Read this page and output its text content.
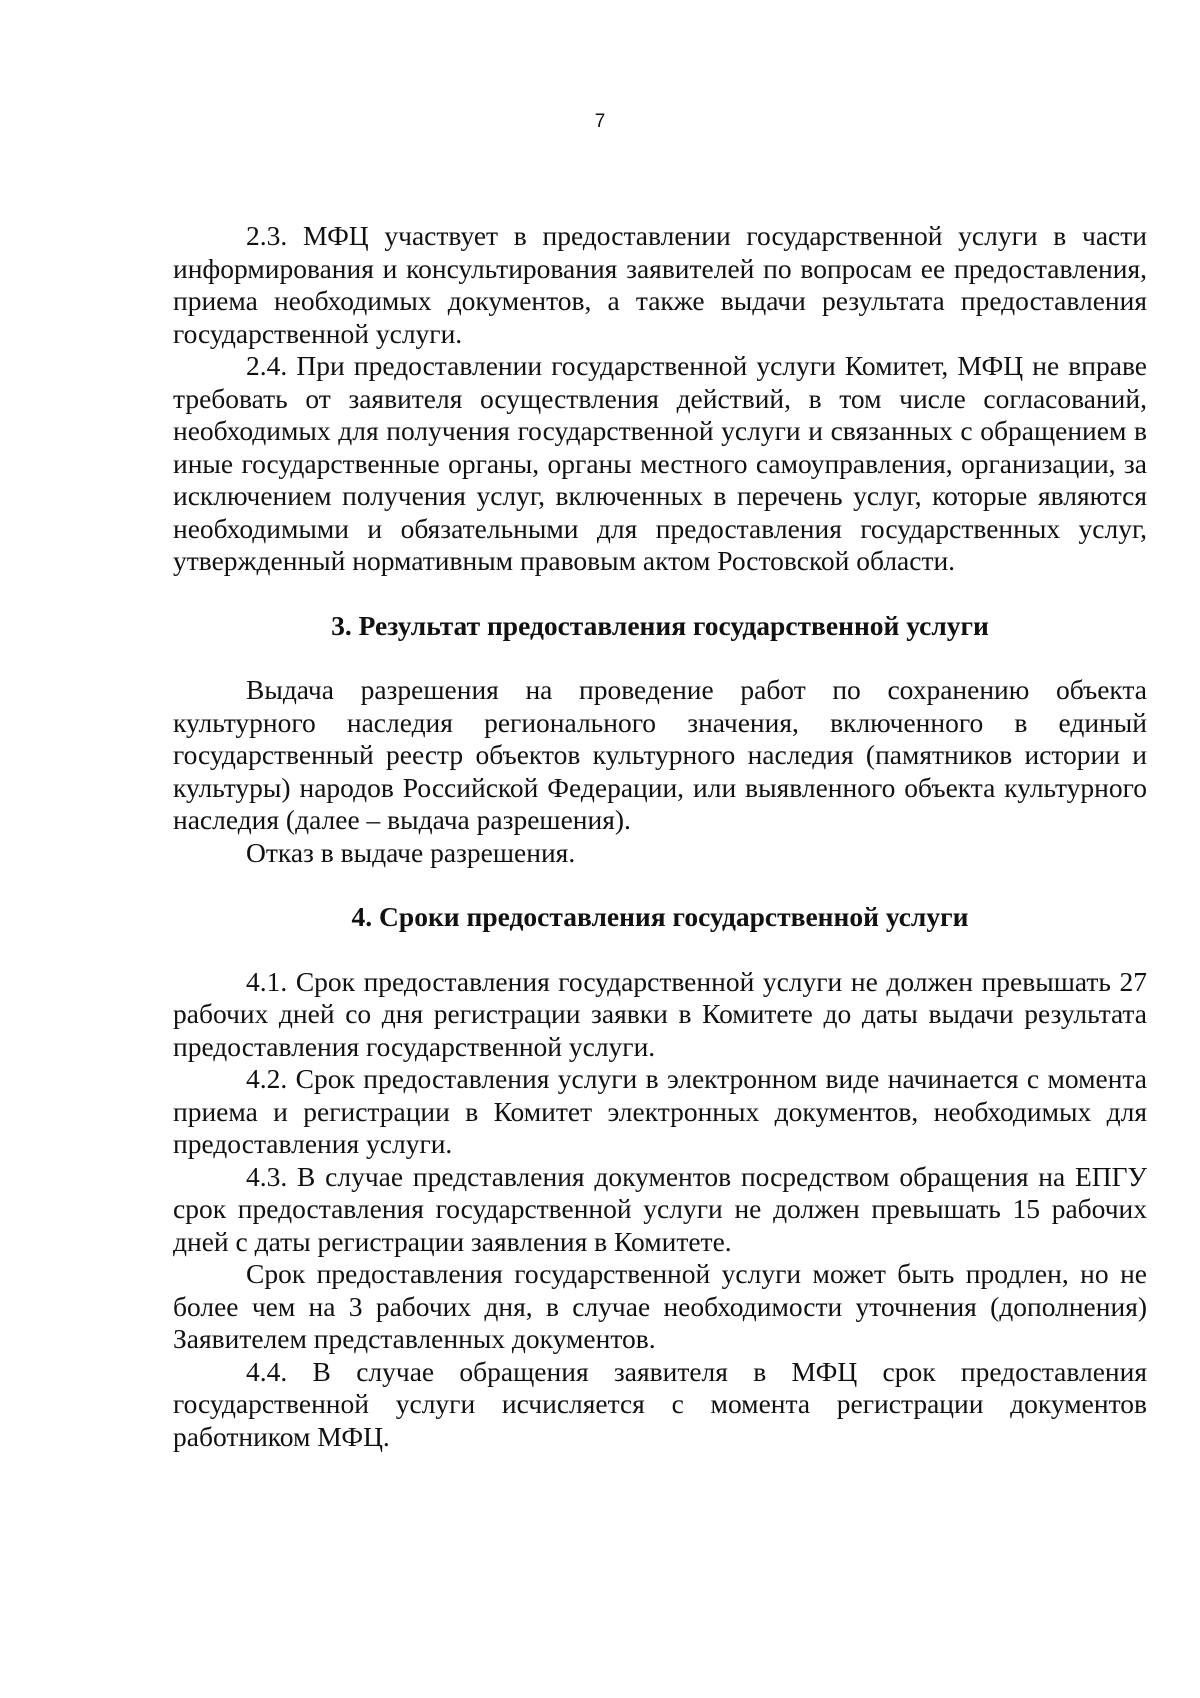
7

2.3. МФЦ участвует в предоставлении государственной услуги в части информирования и консультирования заявителей по вопросам ее предоставления, приема необходимых документов, а также выдачи результата предоставления государственной услуги.

2.4. При предоставлении государственной услуги Комитет, МФЦ не вправе требовать от заявителя осуществления действий, в том числе согласований, необходимых для получения государственной услуги и связанных с обращением в иные государственные органы, органы местного самоуправления, организации, за исключением получения услуг, включенных в перечень услуг, которые являются необходимыми и обязательными для предоставления государственных услуг, утвержденный нормативным правовым актом Ростовской области.

3. Результат предоставления государственной услуги

Выдача разрешения на проведение работ по сохранению объекта культурного наследия регионального значения, включенного в единый государственный реестр объектов культурного наследия (памятников истории и культуры) народов Российской Федерации, или выявленного объекта культурного наследия (далее – выдача разрешения).

Отказ в выдаче разрешения.

4. Сроки предоставления государственной услуги

4.1. Срок предоставления государственной услуги не должен превышать 27 рабочих дней со дня регистрации заявки в Комитете до даты выдачи результата предоставления государственной услуги.

4.2. Срок предоставления услуги в электронном виде начинается с момента приема и регистрации в Комитет электронных документов, необходимых для предоставления услуги.

4.3. В случае представления документов посредством обращения на ЕПГУ срок предоставления государственной услуги не должен превышать 15 рабочих дней с даты регистрации заявления в Комитете.

Срок предоставления государственной услуги может быть продлен, но не более чем на 3 рабочих дня, в случае необходимости уточнения (дополнения) Заявителем представленных документов.

4.4. В случае обращения заявителя в МФЦ срок предоставления государственной услуги исчисляется с момента регистрации документов работником МФЦ.
